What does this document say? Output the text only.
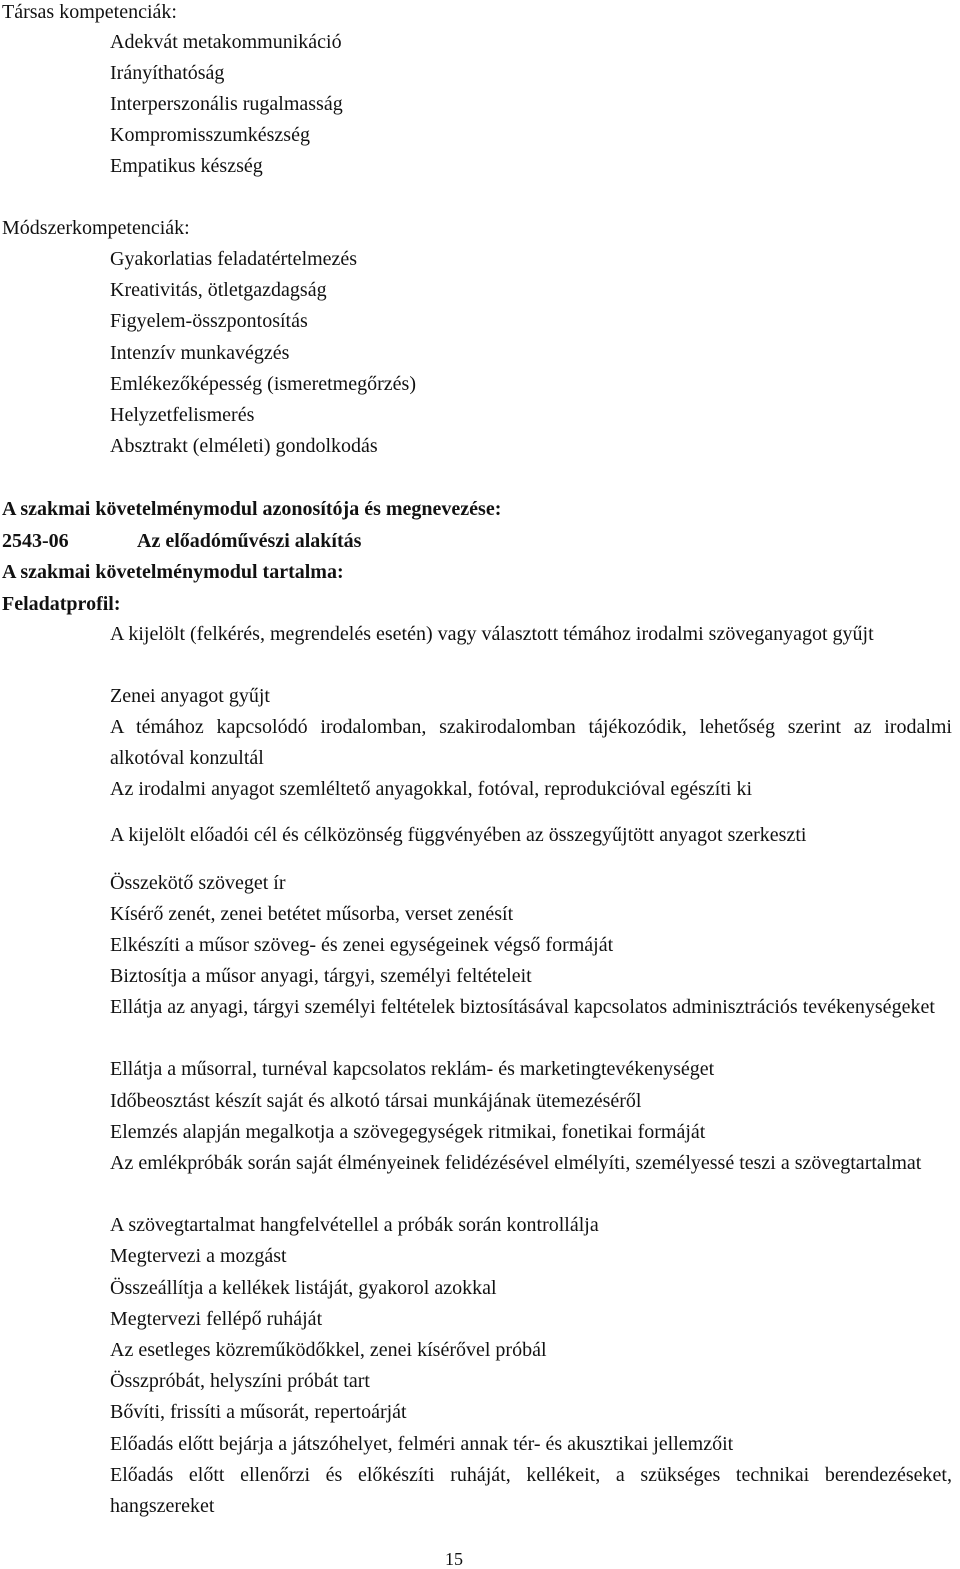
Társas kompetenciák:
Adekvát metakommunikáció
Irányíthatóság
Interperszonális rugalmasság
Kompromisszumkészség
Empatikus készség
Módszerkompetenciák:
Gyakorlatias feladatértelmezés
Kreativitás, ötletgazdagság
Figyelem-összpontosítás
Intenzív munkavégzés
Emlékezőképesség (ismeretmegőrzés)
Helyzetfelismerés
Absztrakt (elméleti) gondolkodás
A szakmai követelménymodul azonosítója és megnevezése:
2543-06	Az előadóművészi alakítás
A szakmai követelménymodul tartalma:
Feladatprofil:
A kijelölt (felkérés, megrendelés esetén) vagy választott témához irodalmi szöveganyagot gyűjt
Zenei anyagot gyűjt
A témához kapcsolódó irodalomban, szakirodalomban tájékozódik, lehetőség szerint az irodalmi alkotóval konzultál
Az irodalmi anyagot szemléltető anyagokkal, fotóval, reprodukcióval egészíti ki
A kijelölt előadói cél és célközönség függvényében az összegyűjtött anyagot szerkeszti
Összekötő szöveget ír
Kísérő zenét, zenei betétet műsorba, verset zenésít
Elkészíti a műsor szöveg- és zenei egységeinek végső formáját
Biztosítja a műsor anyagi, tárgyi, személyi feltételeit
Ellátja az anyagi, tárgyi személyi feltételek biztosításával kapcsolatos adminisztrációs tevékenységeket
Ellátja a műsorral, turnéval kapcsolatos reklám- és marketingtevékenységet
Időbeosztást készít saját és alkotó társai munkájának ütemezéséről
Elemzés alapján megalkotja a szövegegységek ritmikai, fonetikai formáját
Az emlékpróbák során saját élményeinek felidézésével elmélyíti, személyessé teszi a szövegtartalmat
A szövegtartalmat hangfelvétellel a próbák során kontrollálja
Megtervezi a mozgást
Összeállítja a kellékek listáját, gyakorol azokkal
Megtervezi fellépő ruháját
Az esetleges közreműködőkkel, zenei kísérővel próbál
Összpróbát, helyszíni próbát tart
Bővíti, frissíti a műsorát, repertoárját
Előadás előtt bejárja a játszóhelyet, felméri annak tér- és akusztikai jellemzőit
Előadás előtt ellenőrzi és előkészíti ruháját, kellékeit, a szükséges technikai berendezéseket, hangszereket
15
